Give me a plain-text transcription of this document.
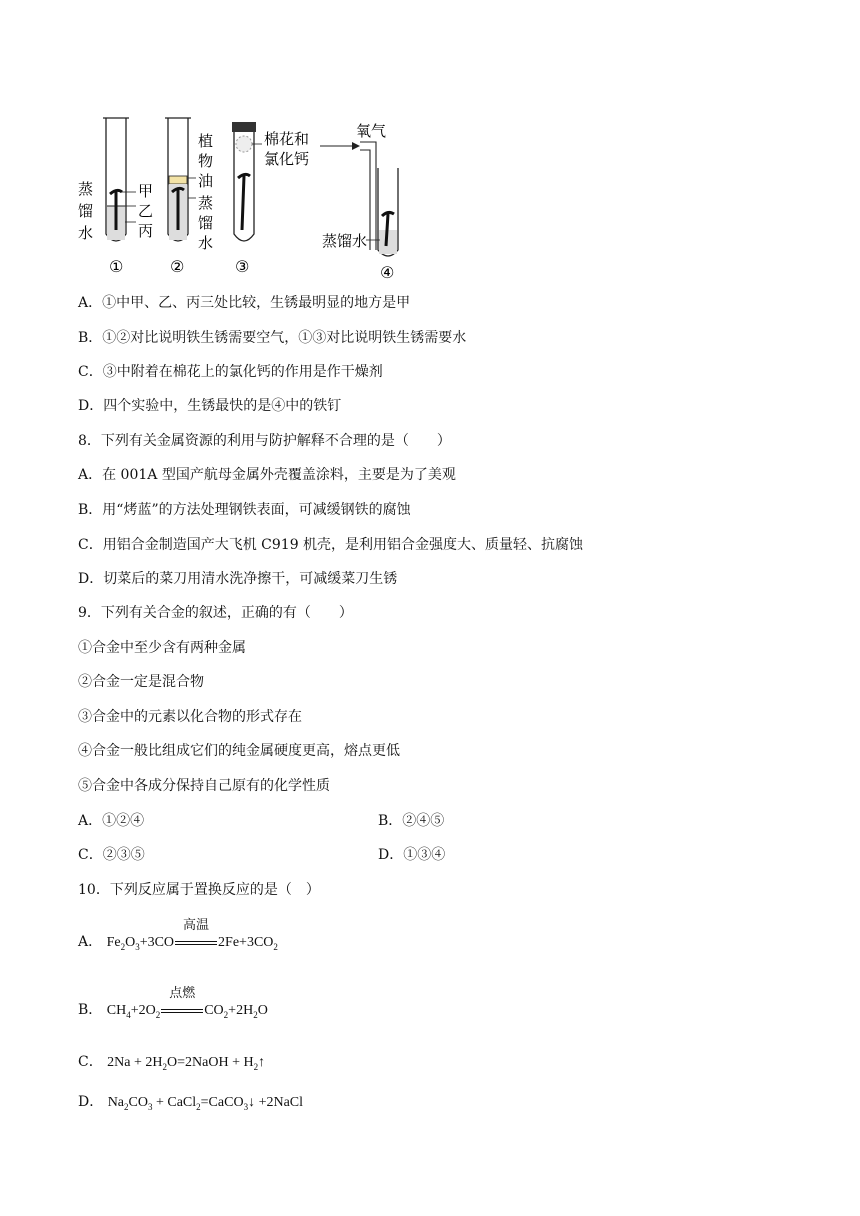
蒸
馏
水
甲
乙
丙
①
植
物
油
蒸
馏
水
②
棉花和
氯化钙
③
氧气
蒸馏水
④
A．①中甲、乙、丙三处比较，生锈最明显的地方是甲
B．①②对比说明铁生锈需要空气，①③对比说明铁生锈需要水
C．③中附着在棉花上的氯化钙的作用是作干燥剂
D．四个实验中，生锈最快的是④中的铁钉
8．下列有关金属资源的利用与防护解释不合理的是（　　）
A．在 001A 型国产航母金属外壳覆盖涂料，主要是为了美观
B．用“烤蓝”的方法处理钢铁表面，可减缓钢铁的腐蚀
C．用铝合金制造国产大飞机 C919 机壳，是利用铝合金强度大、质量轻、抗腐蚀
D．切菜后的菜刀用清水洗净擦干，可减缓菜刀生锈
9．下列有关合金的叙述，正确的有（　　）
①合金中至少含有两种金属
②合金一定是混合物
③合金中的元素以化合物的形式存在
④合金一般比组成它们的纯金属硬度更高，熔点更低
⑤合金中各成分保持自己原有的化学性质
A．①②④	B．②④⑤
C．②③⑤	D．①③④
10．下列反应属于置换反应的是（　）
A． $Fe_2O_3+3CO$
高温
$2Fe+3CO_2$
B． $CH_4+2O_2$
点燃
$CO_2+2H_2O$
C． $2Na + 2H_2O=2NaOH$ + $H_2↑$
D． $Na_2CO_3$ + CaCl$_2$=CaCO$_3$↓ +2NaCl
